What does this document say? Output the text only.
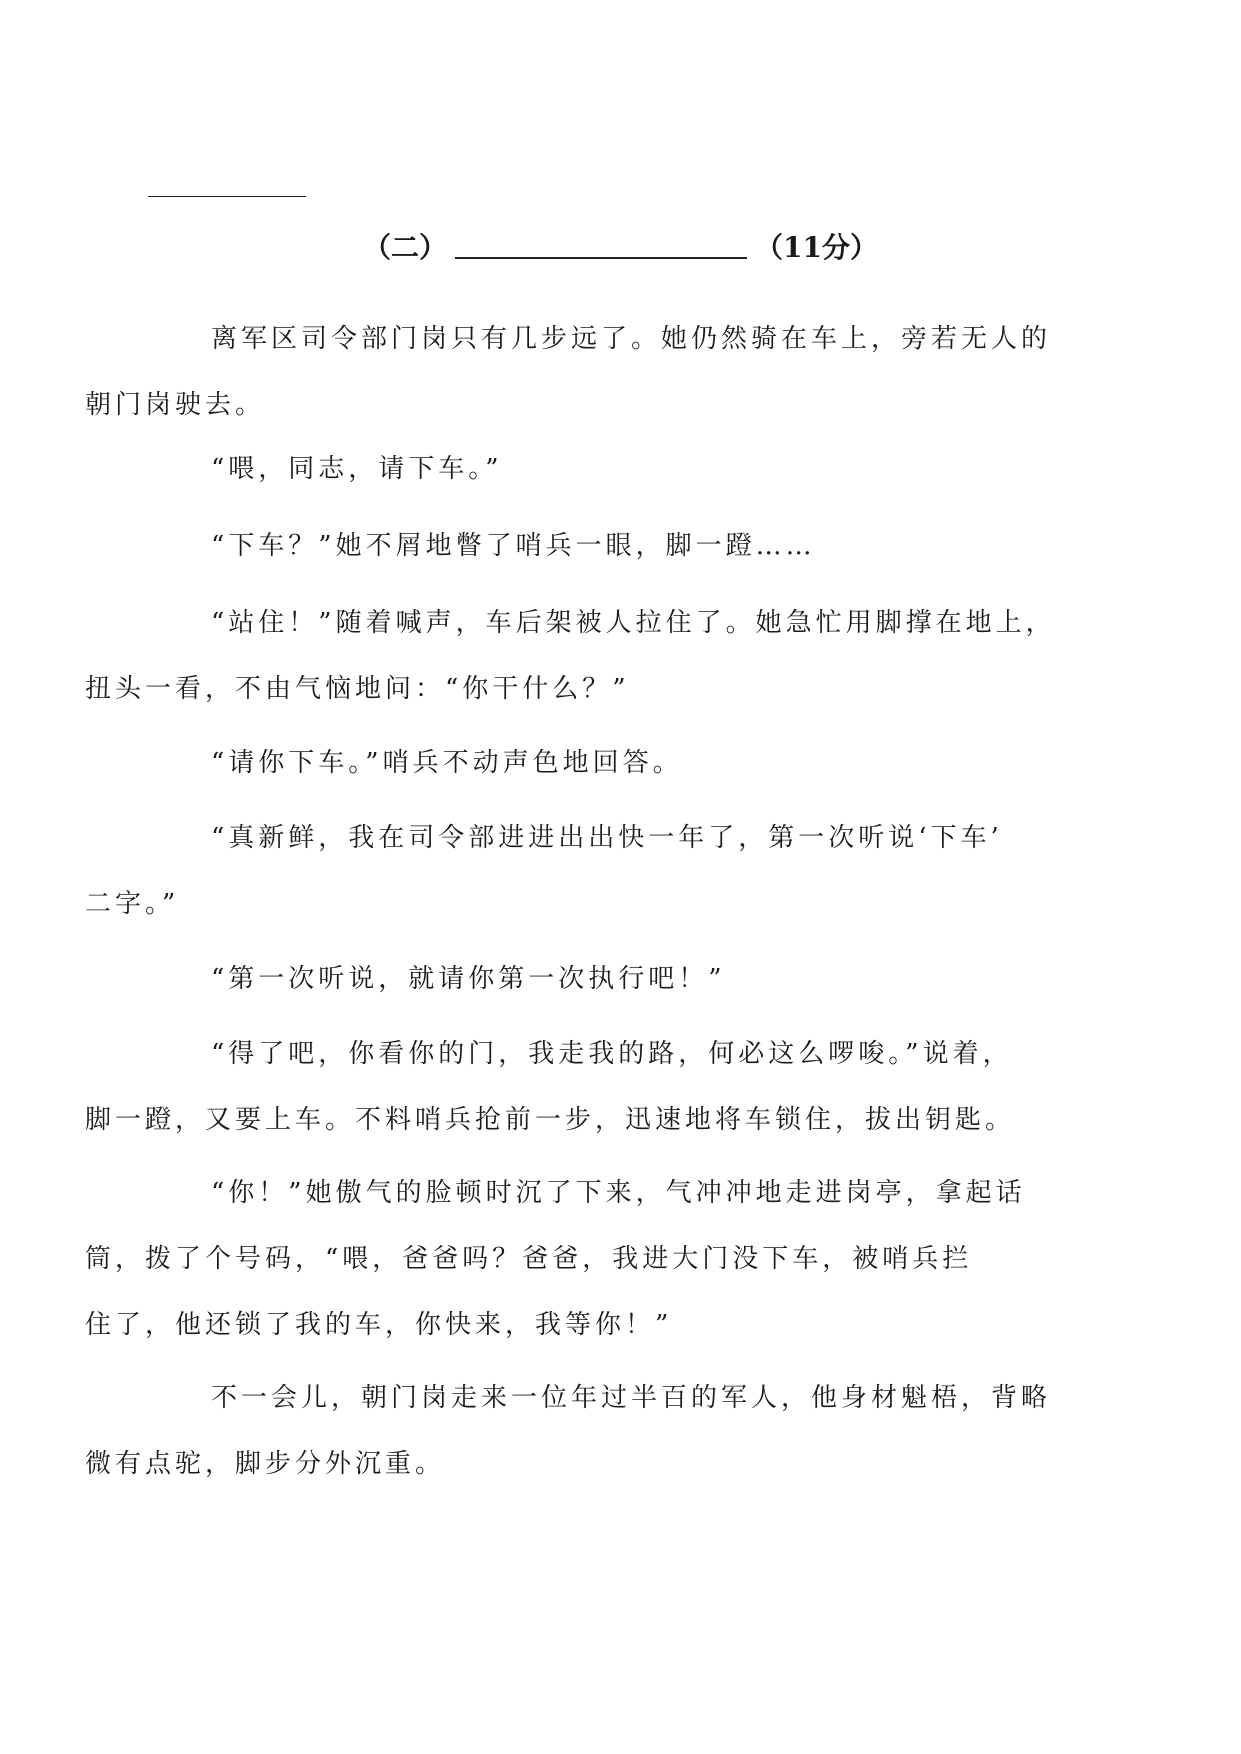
（二）	（11分）

离军区司令部门岗只有几步远了。她仍然骑在车上，旁若无人的
朝门岗驶去。

“喂，同志，请下车。”

“下车？”她不屑地瞥了哨兵一眼，脚一蹬……

“站住！”随着喊声，车后架被人拉住了。她急忙用脚撑在地上，
扭头一看，不由气恼地问：“你干什么？”

“请你下车。”哨兵不动声色地回答。

“真新鲜，我在司令部进进出出快一年了，第一次听说‘下车’
二字。”

“第一次听说，就请你第一次执行吧！”

“得了吧，你看你的门，我走我的路，何必这么啰唆。”说着，
脚一蹬，又要上车。不料哨兵抢前一步，迅速地将车锁住，拔出钥匙。

“你！”她傲气的脸顿时沉了下来，气冲冲地走进岗亭，拿起话
筒，拨了个号码，“喂，爸爸吗？爸爸，我进大门没下车，被哨兵拦
住了，他还锁了我的车，你快来，我等你！”

不一会儿，朝门岗走来一位年过半百的军人，他身材魁梧，背略
微有点驼，脚步分外沉重。
